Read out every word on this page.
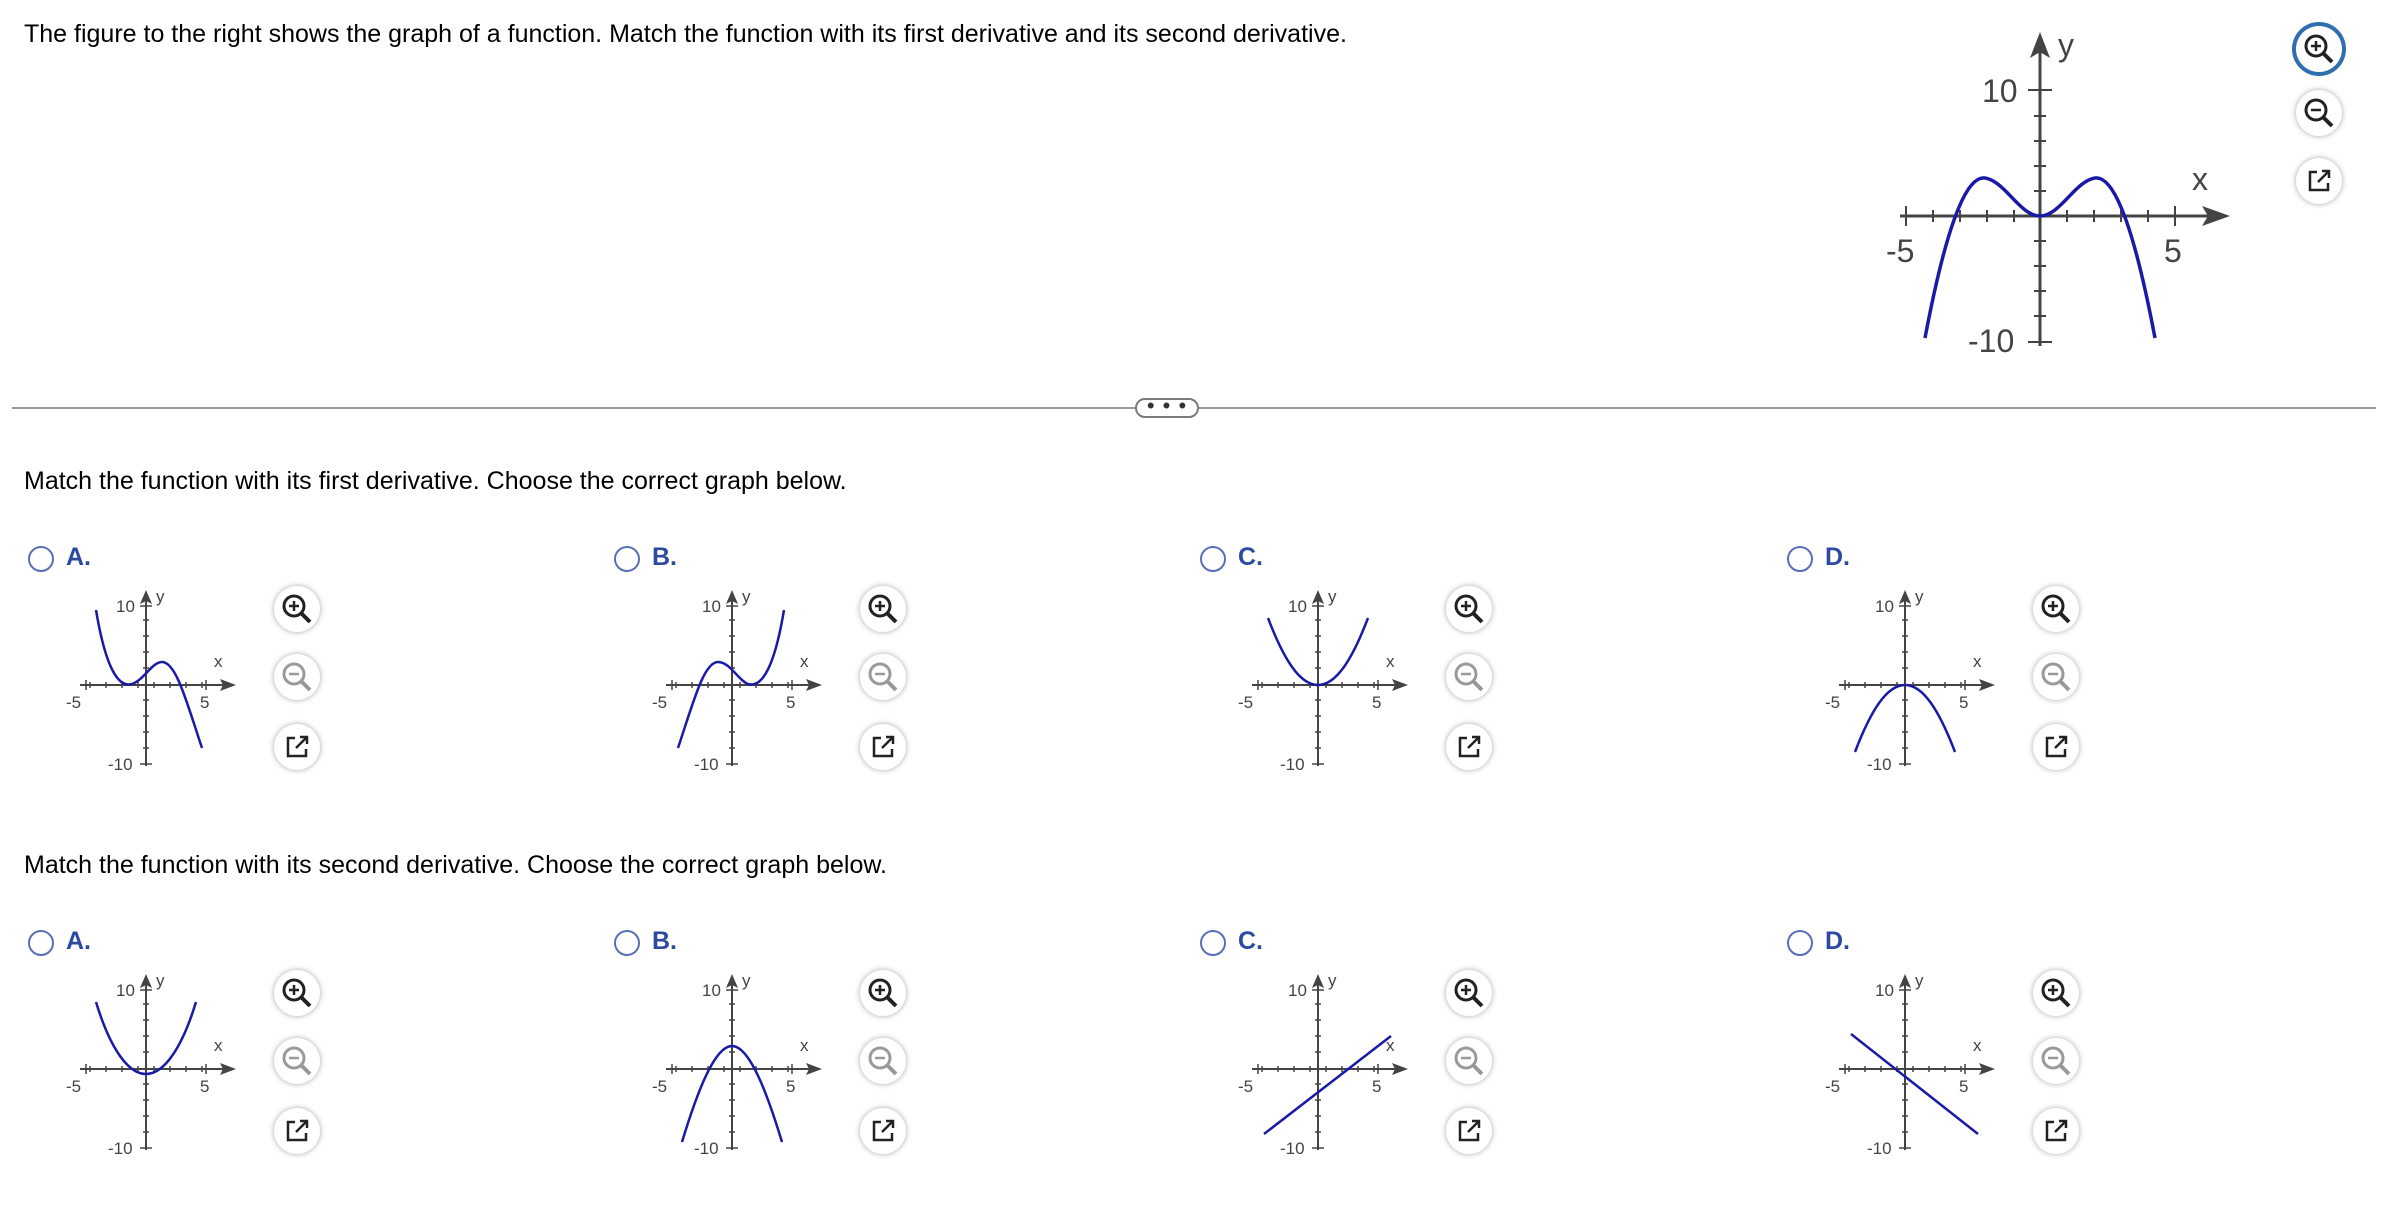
The figure to the right shows the graph of a function. Match the function with its first derivative and its second derivative.	y
x
10
-10
-5	5
• • •
Match the function with its first derivative. Choose the correct graph below.
A.
y
x
10
-10
-5	5
B.
y
x
10
-10
-5	5
C.
y
x
10
-10
-5	5
D.
y
x
10
-10
-5	5
Match the function with its second derivative. Choose the correct graph below.
A.
y
x
10
-10
-5	5
B.
y
x
10
-10
-5	5
C.
y
x
10
-10
-5	5
D.
y
x
10
-10
-5	5
